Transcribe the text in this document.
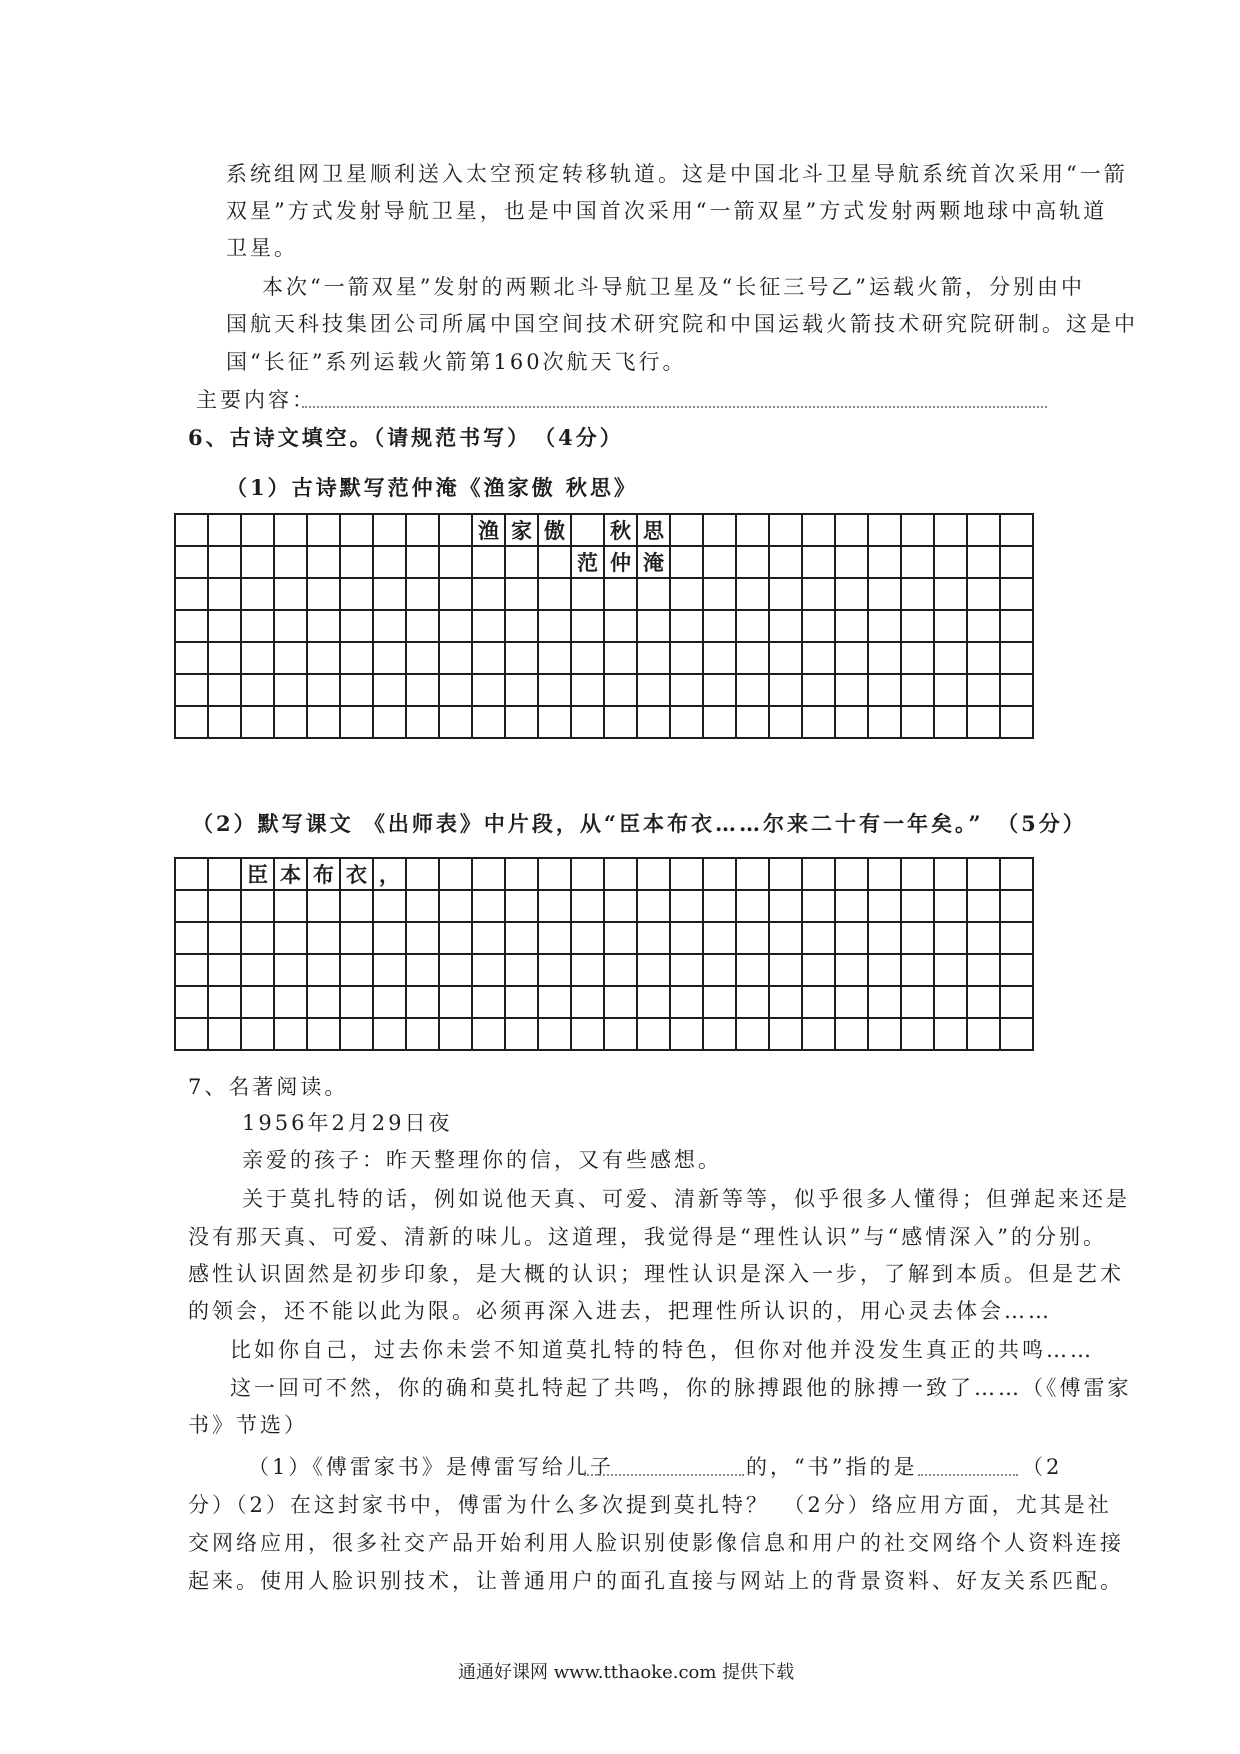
系统组网卫星顺利送入太空预定转移轨道。这是中国北斗卫星导航系统首次采用“一箭
双星”方式发射导航卫星，也是中国首次采用“一箭双星”方式发射两颗地球中高轨道
卫星。
本次“一箭双星”发射的两颗北斗导航卫星及“长征三号乙”运载火箭，分别由中
国航天科技集团公司所属中国空间技术研究院和中国运载火箭技术研究院研制。这是中
国“长征”系列运载火箭第160次航天飞行。
主要内容：
6、古诗文填空。（请规范书写）　（4分）
（1）古诗默写范仲淹《渔家傲 秋思》
									渔	家	傲		秋	思											
												范	仲	淹											

（2）默写课文 《出师表》中片段，从“臣本布衣……尔来二十有一年矣。”　（5分）
		臣	本	布	衣	，																			

7、名著阅读。
1956年2月29日夜
亲爱的孩子：昨天整理你的信，又有些感想。
关于莫扎特的话，例如说他天真、可爱、清新等等，似乎很多人懂得；但弹起来还是
没有那天真、可爱、清新的味儿。这道理，我觉得是“理性认识”与“感情深入”的分别。
感性认识固然是初步印象，是大概的认识；理性认识是深入一步，了解到本质。但是艺术
的领会，还不能以此为限。必须再深入进去，把理性所认识的，用心灵去体会……
比如你自己，过去你未尝不知道莫扎特的特色，但你对他并没发生真正的共鸣……
这一回可不然，你的确和莫扎特起了共鸣，你的脉搏跟他的脉搏一致了……（《傅雷家
书》节选）
（1）《傅雷家书》是傅雷写给儿子	的，“书”指的是	（2
分）（2）在这封家书中，傅雷为什么多次提到莫扎特？　（2分）络应用方面，尤其是社
交网络应用，很多社交产品开始利用人脸识别使影像信息和用户的社交网络个人资料连接
起来。使用人脸识别技术，让普通用户的面孔直接与网站上的背景资料、好友关系匹配。
通通好课网 www.tthaoke.com 提供下载
